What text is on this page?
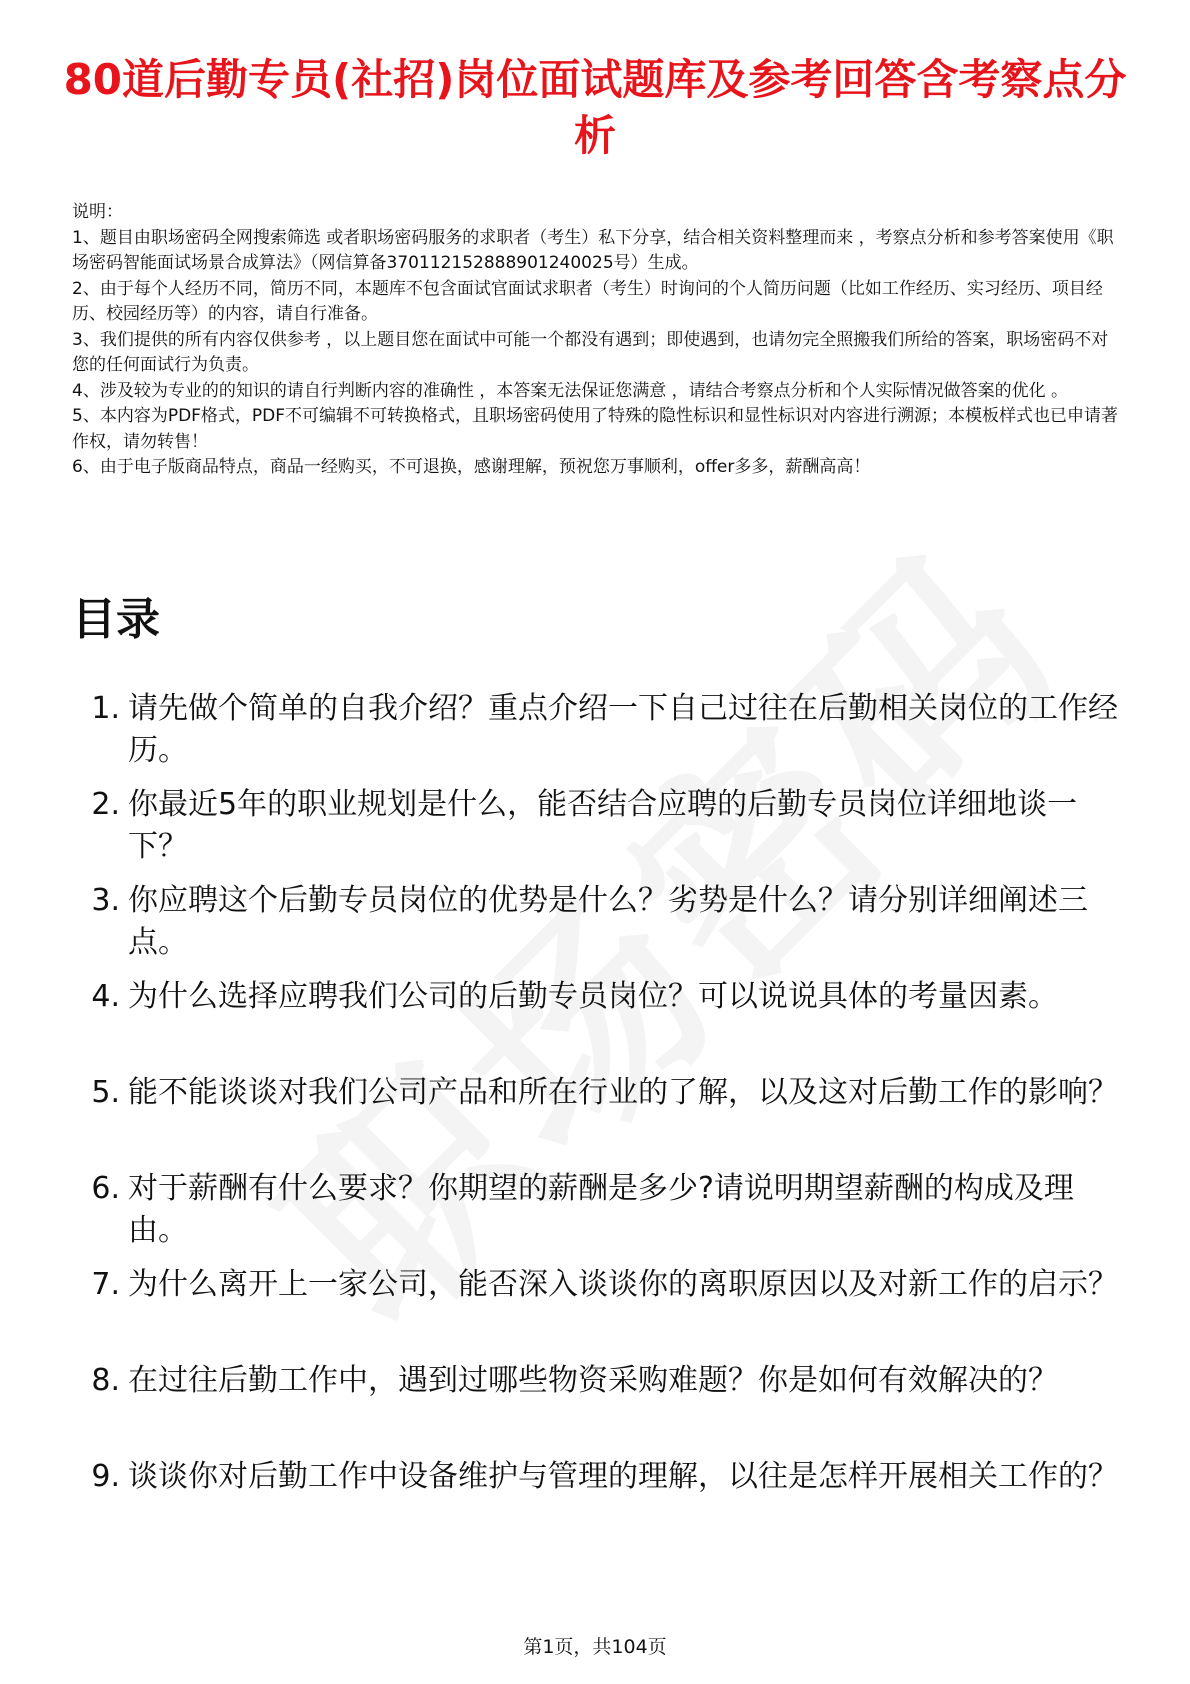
80道后勤专员(社招)岗位面试题库及参考回答含考察点分析

说明：

1、题目由职场密码全网搜索筛选 或者职场密码服务的求职者（考生）私下分享，结合相关资料整理而来 ，考察点分析和参考答案使用《职场密码智能面试场景合成算法》（网信算备370112152888901240025号）生成。

2、由于每个人经历不同，简历不同，本题库不包含面试官面试求职者（考生）时询问的个人简历问题（比如工作经历、实习经历、项目经历、校园经历等）的内容，请自行准备。

3、我们提供的所有内容仅供参考 ，以上题目您在面试中可能一个都没有遇到；即使遇到，也请勿完全照搬我们所给的答案，职场密码不对您的任何面试行为负责。

4、涉及较为专业的的知识的请自行判断内容的准确性 ，本答案无法保证您满意 ，请结合考察点分析和个人实际情况做答案的优化 。

5、本内容为PDF格式，PDF不可编辑不可转换格式，且职场密码使用了特殊的隐性标识和显性标识对内容进行溯源；本模板样式也已申请著作权，请勿转售！

6、由于电子版商品特点，商品一经购买，不可退换，感谢理解，预祝您万事顺利，offer多多，薪酬高高！

目录
1. 请先做个简单的自我介绍？重点介绍一下自己过往在后勤相关岗位的工作经历。
2. 你最近5年的职业规划是什么，能否结合应聘的后勤专员岗位详细地谈一下？
3. 你应聘这个后勤专员岗位的优势是什么？劣势是什么？请分别详细阐述三点。
4. 为什么选择应聘我们公司的后勤专员岗位？可以说说具体的考量因素。
5. 能不能谈谈对我们公司产品和所在行业的了解，以及这对后勤工作的影响？
6. 对于薪酬有什么要求？你期望的薪酬是多少?请说明期望薪酬的构成及理由。
7. 为什么离开上一家公司，能否深入谈谈你的离职原因以及对新工作的启示？
8. 在过往后勤工作中，遇到过哪些物资采购难题？你是如何有效解决的？
9. 谈谈你对后勤工作中设备维护与管理的理解，以往是怎样开展相关工作的？
第1页，共104页
